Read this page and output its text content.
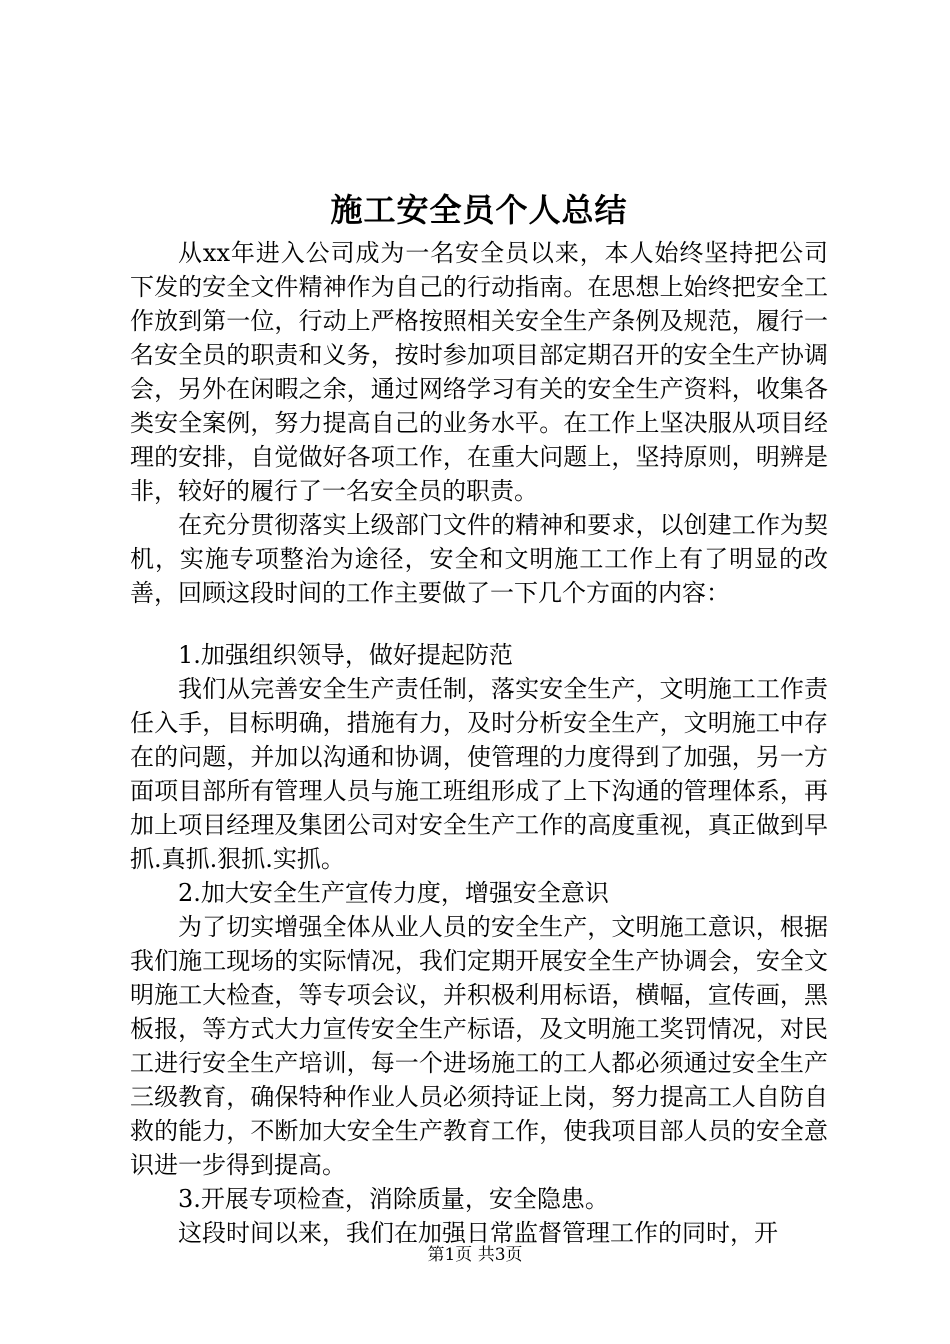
施工安全员个人总结

从xx年进入公司成为一名安全员以来，本人始终坚持把公司下发的安全文件精神作为自己的行动指南。在思想上始终把安全工作放到第一位，行动上严格按照相关安全生产条例及规范，履行一名安全员的职责和义务，按时参加项目部定期召开的安全生产协调会，另外在闲暇之余，通过网络学习有关的安全生产资料，收集各类安全案例，努力提高自己的业务水平。在工作上坚决服从项目经理的安排，自觉做好各项工作，在重大问题上，坚持原则，明辨是非，较好的履行了一名安全员的职责。

在充分贯彻落实上级部门文件的精神和要求，以创建工作为契机，实施专项整治为途径，安全和文明施工工作上有了明显的改善，回顾这段时间的工作主要做了一下几个方面的内容：

1.加强组织领导，做好提起防范

我们从完善安全生产责任制，落实安全生产，文明施工工作责任入手，目标明确，措施有力，及时分析安全生产，文明施工中存在的问题，并加以沟通和协调，使管理的力度得到了加强，另一方面项目部所有管理人员与施工班组形成了上下沟通的管理体系，再加上项目经理及集团公司对安全生产工作的高度重视，真正做到早抓.真抓.狠抓.实抓。

2.加大安全生产宣传力度，增强安全意识

为了切实增强全体从业人员的安全生产，文明施工意识，根据我们施工现场的实际情况，我们定期开展安全生产协调会，安全文明施工大检查，等专项会议，并积极利用标语，横幅，宣传画，黑板报，等方式大力宣传安全生产标语，及文明施工奖罚情况，对民工进行安全生产培训，每一个进场施工的工人都必须通过安全生产三级教育，确保特种作业人员必须持证上岗，努力提高工人自防自救的能力，不断加大安全生产教育工作，使我项目部人员的安全意识进一步得到提高。

3.开展专项检查，消除质量，安全隐患。

这段时间以来，我们在加强日常监督管理工作的同时，开

第1页 共3页
